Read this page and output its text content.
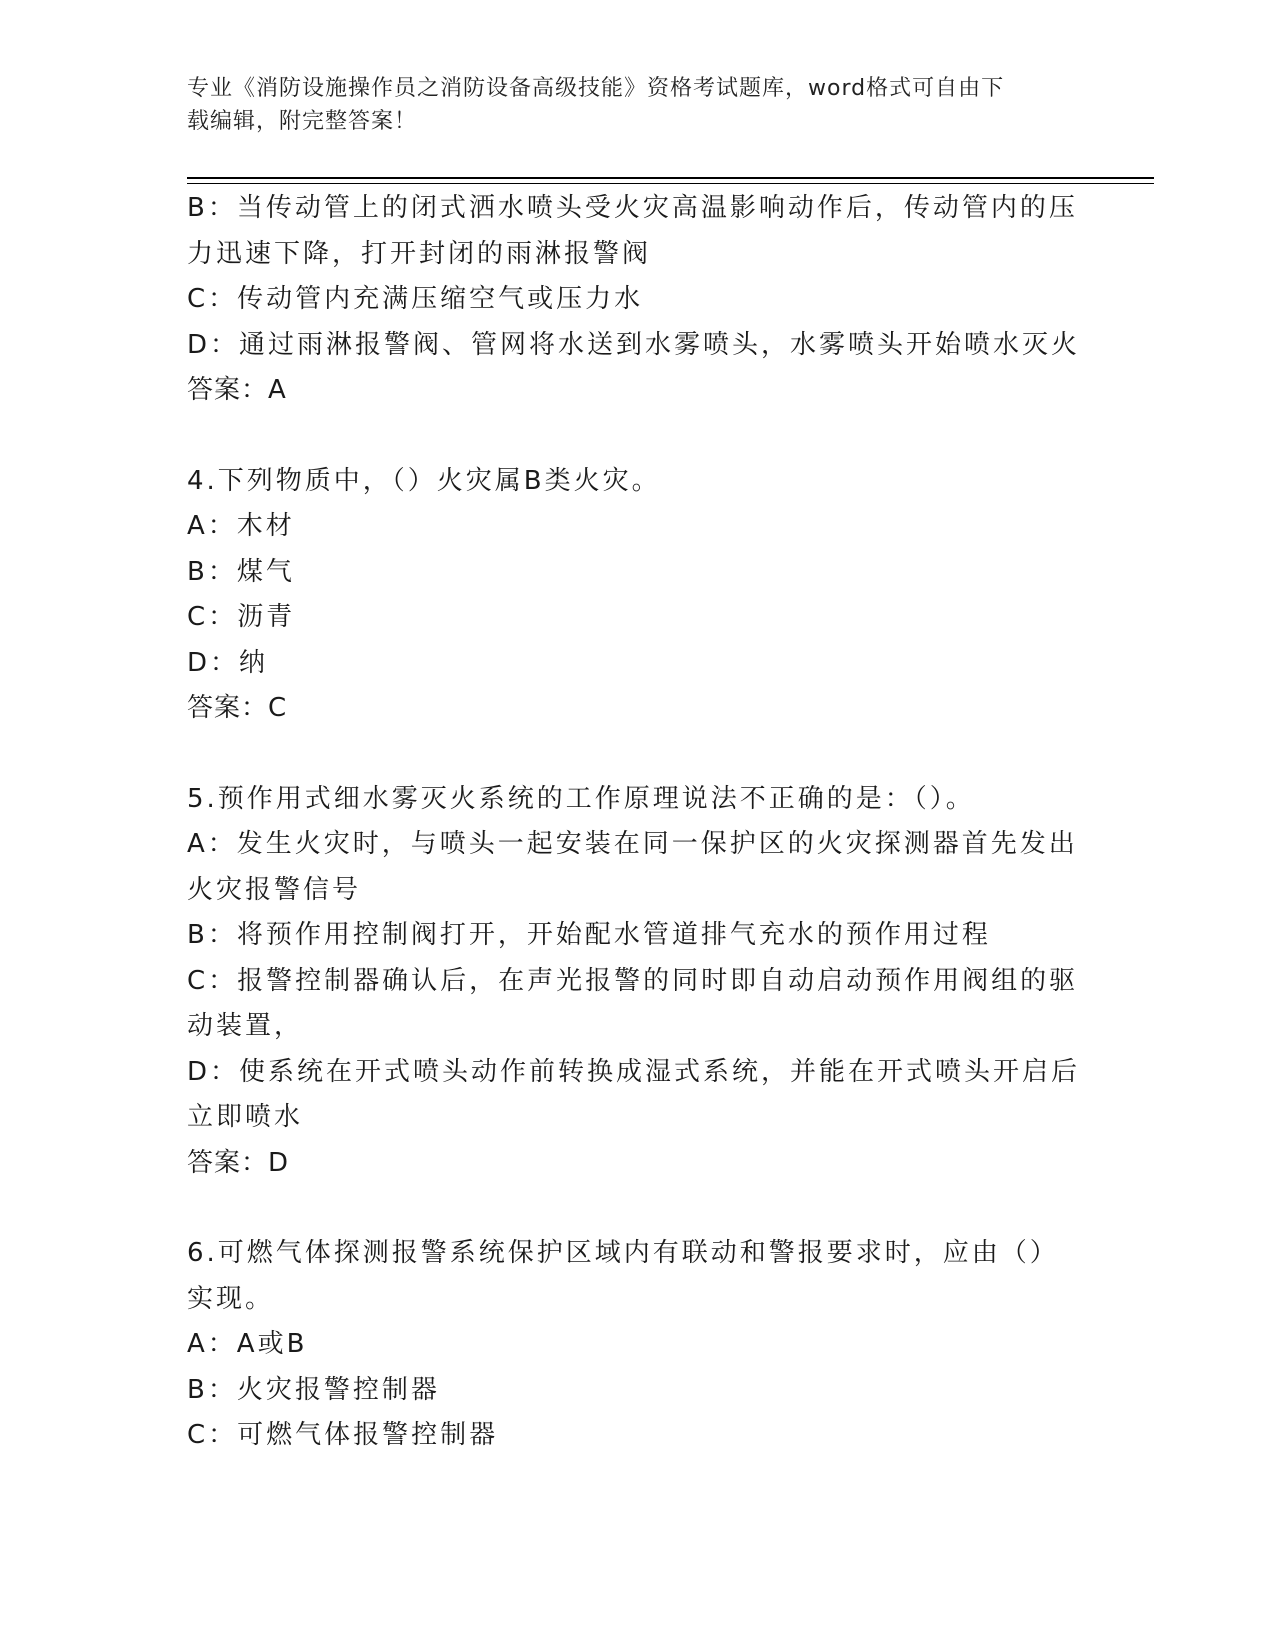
专业《消防设施操作员之消防设备高级技能》资格考试题库，word格式可自由下
载编辑，附完整答案！
B：当传动管上的闭式洒水喷头受火灾高温影响动作后，传动管内的压
力迅速下降，打开封闭的雨淋报警阀
C：传动管内充满压缩空气或压力水
D：通过雨淋报警阀、管网将水送到水雾喷头，水雾喷头开始喷水灭火
答案：A
4.下列物质中，（）火灾属B类火灾。
A：木材
B：煤气
C：沥青
D：纳
答案：C
5.预作用式细水雾灭火系统的工作原理说法不正确的是：（）。
A：发生火灾时，与喷头一起安装在同一保护区的火灾探测器首先发出
火灾报警信号
B：将预作用控制阀打开，开始配水管道排气充水的预作用过程
C：报警控制器确认后，在声光报警的同时即自动启动预作用阀组的驱
动装置，
D：使系统在开式喷头动作前转换成湿式系统，并能在开式喷头开启后
立即喷水
答案：D
6.可燃气体探测报警系统保护区域内有联动和警报要求时，应由（）
实现。
A：A或B
B：火灾报警控制器
C：可燃气体报警控制器
